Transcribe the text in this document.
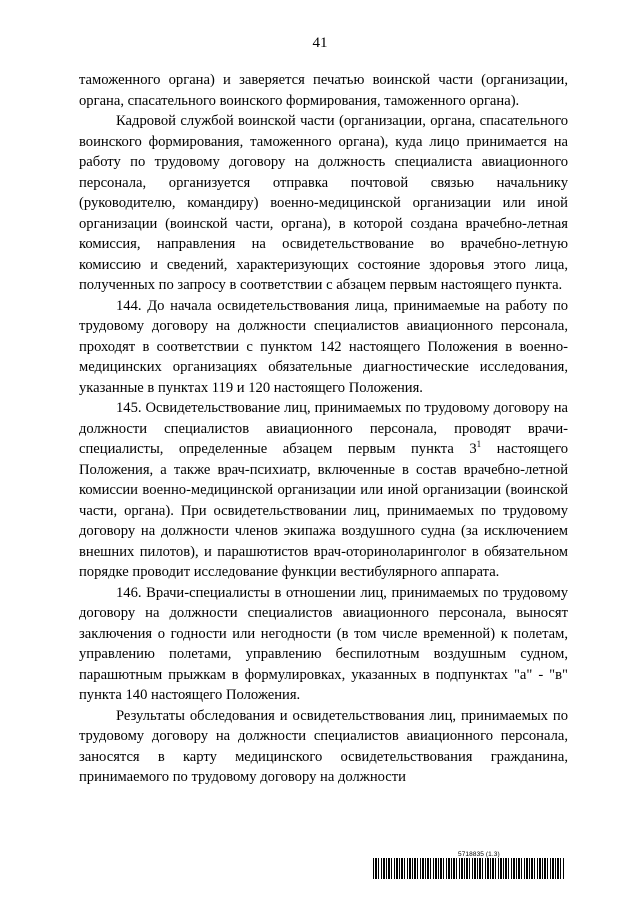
41

таможенного органа) и заверяется печатью воинской части (организации, органа, спасательного воинского формирования, таможенного органа).

Кадровой службой воинской части (организации, органа, спасательного воинского формирования, таможенного органа), куда лицо принимается на работу по трудовому договору на должность специалиста авиационного персонала, организуется отправка почтовой связью начальнику (руководителю, командиру) военно-медицинской организации или иной организации (воинской части, органа), в которой создана врачебно-летная комиссия, направления на освидетельствование во врачебно-летную комиссию и сведений, характеризующих состояние здоровья этого лица, полученных по запросу в соответствии с абзацем первым настоящего пункта.

144. До начала освидетельствования лица, принимаемые на работу по трудовому договору на должности специалистов авиационного персонала, проходят в соответствии с пунктом 142 настоящего Положения в военно-медицинских организациях обязательные диагностические исследования, указанные в пунктах 119 и 120 настоящего Положения.

145. Освидетельствование лиц, принимаемых по трудовому договору на должности специалистов авиационного персонала, проводят врачи-специалисты, определенные абзацем первым пункта $3^1$ настоящего Положения, а также врач-психиатр, включенные в состав врачебно-летной комиссии военно-медицинской организации или иной организации (воинской части, органа). При освидетельствовании лиц, принимаемых по трудовому договору на должности членов экипажа воздушного судна (за исключением внешних пилотов), и парашютистов врач-оториноларинголог в обязательном порядке проводит исследование функции вестибулярного аппарата.

146. Врачи-специалисты в отношении лиц, принимаемых по трудовому договору на должности специалистов авиационного персонала, выносят заключения о годности или негодности (в том числе временной) к полетам, управлению полетами, управлению беспилотным воздушным судном, парашютным прыжкам в формулировках, указанных в подпунктах "а" - "в" пункта 140 настоящего Положения.

Результаты обследования и освидетельствования лиц, принимаемых по трудовому договору на должности специалистов авиационного персонала, заносятся в карту медицинского освидетельствования гражданина, принимаемого по трудовому договору на должности

5718835 (1.3)
